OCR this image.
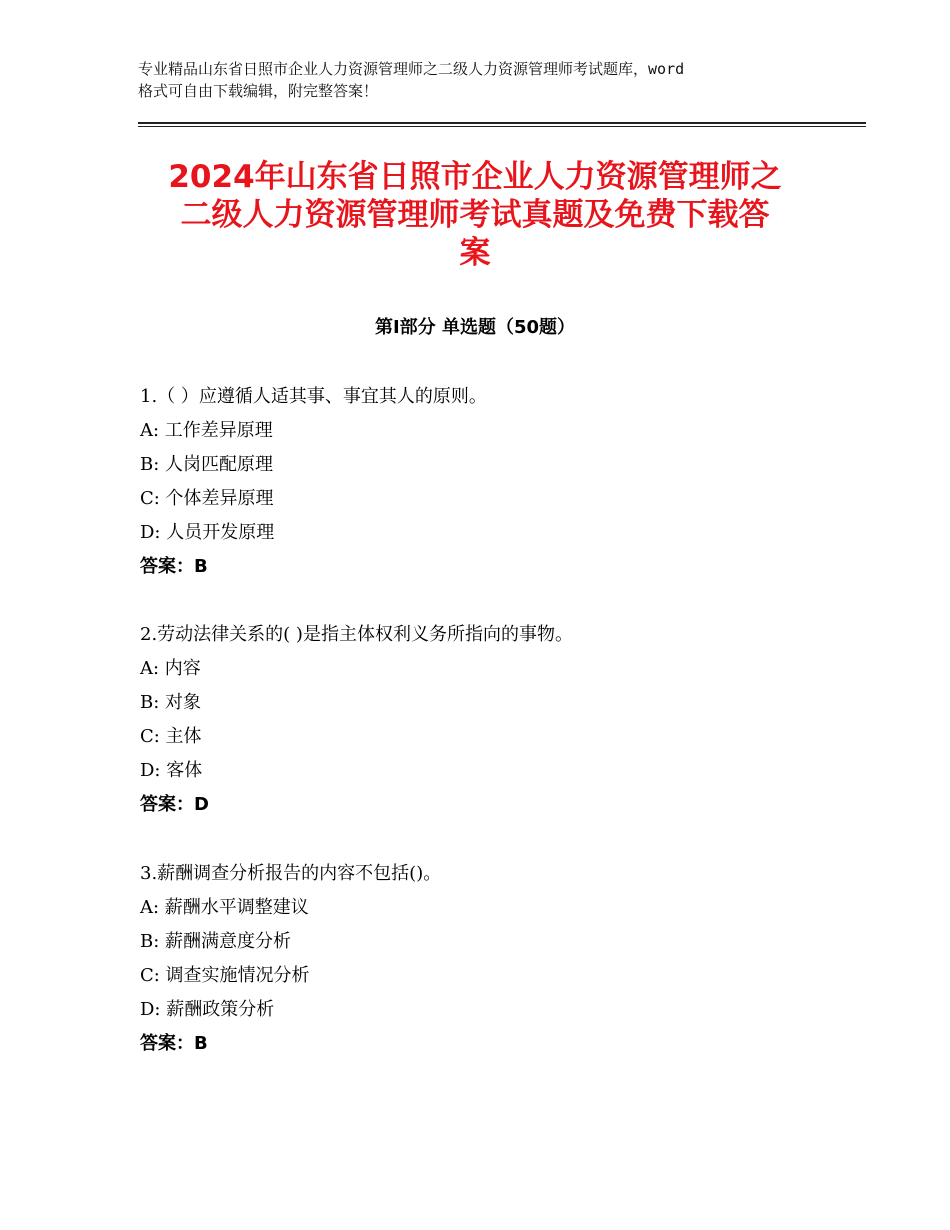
专业精品山东省日照市企业人力资源管理师之二级人力资源管理师考试题库，word
格式可自由下载编辑，附完整答案！
2024年山东省日照市企业人力资源管理师之
二级人力资源管理师考试真题及免费下载答
案
第Ⅰ部分 单选题（50题）
1.（ ）应遵循人适其事、事宜其人的原则。
A: 工作差异原理
B: 人岗匹配原理
C: 个体差异原理
D: 人员开发原理
答案：B
2.劳动法律关系的( )是指主体权利义务所指向的事物。
A: 内容
B: 对象
C: 主体
D: 客体
答案：D
3.薪酬调查分析报告的内容不包括()。
A: 薪酬水平调整建议
B: 薪酬满意度分析
C: 调查实施情况分析
D: 薪酬政策分析
答案：B
